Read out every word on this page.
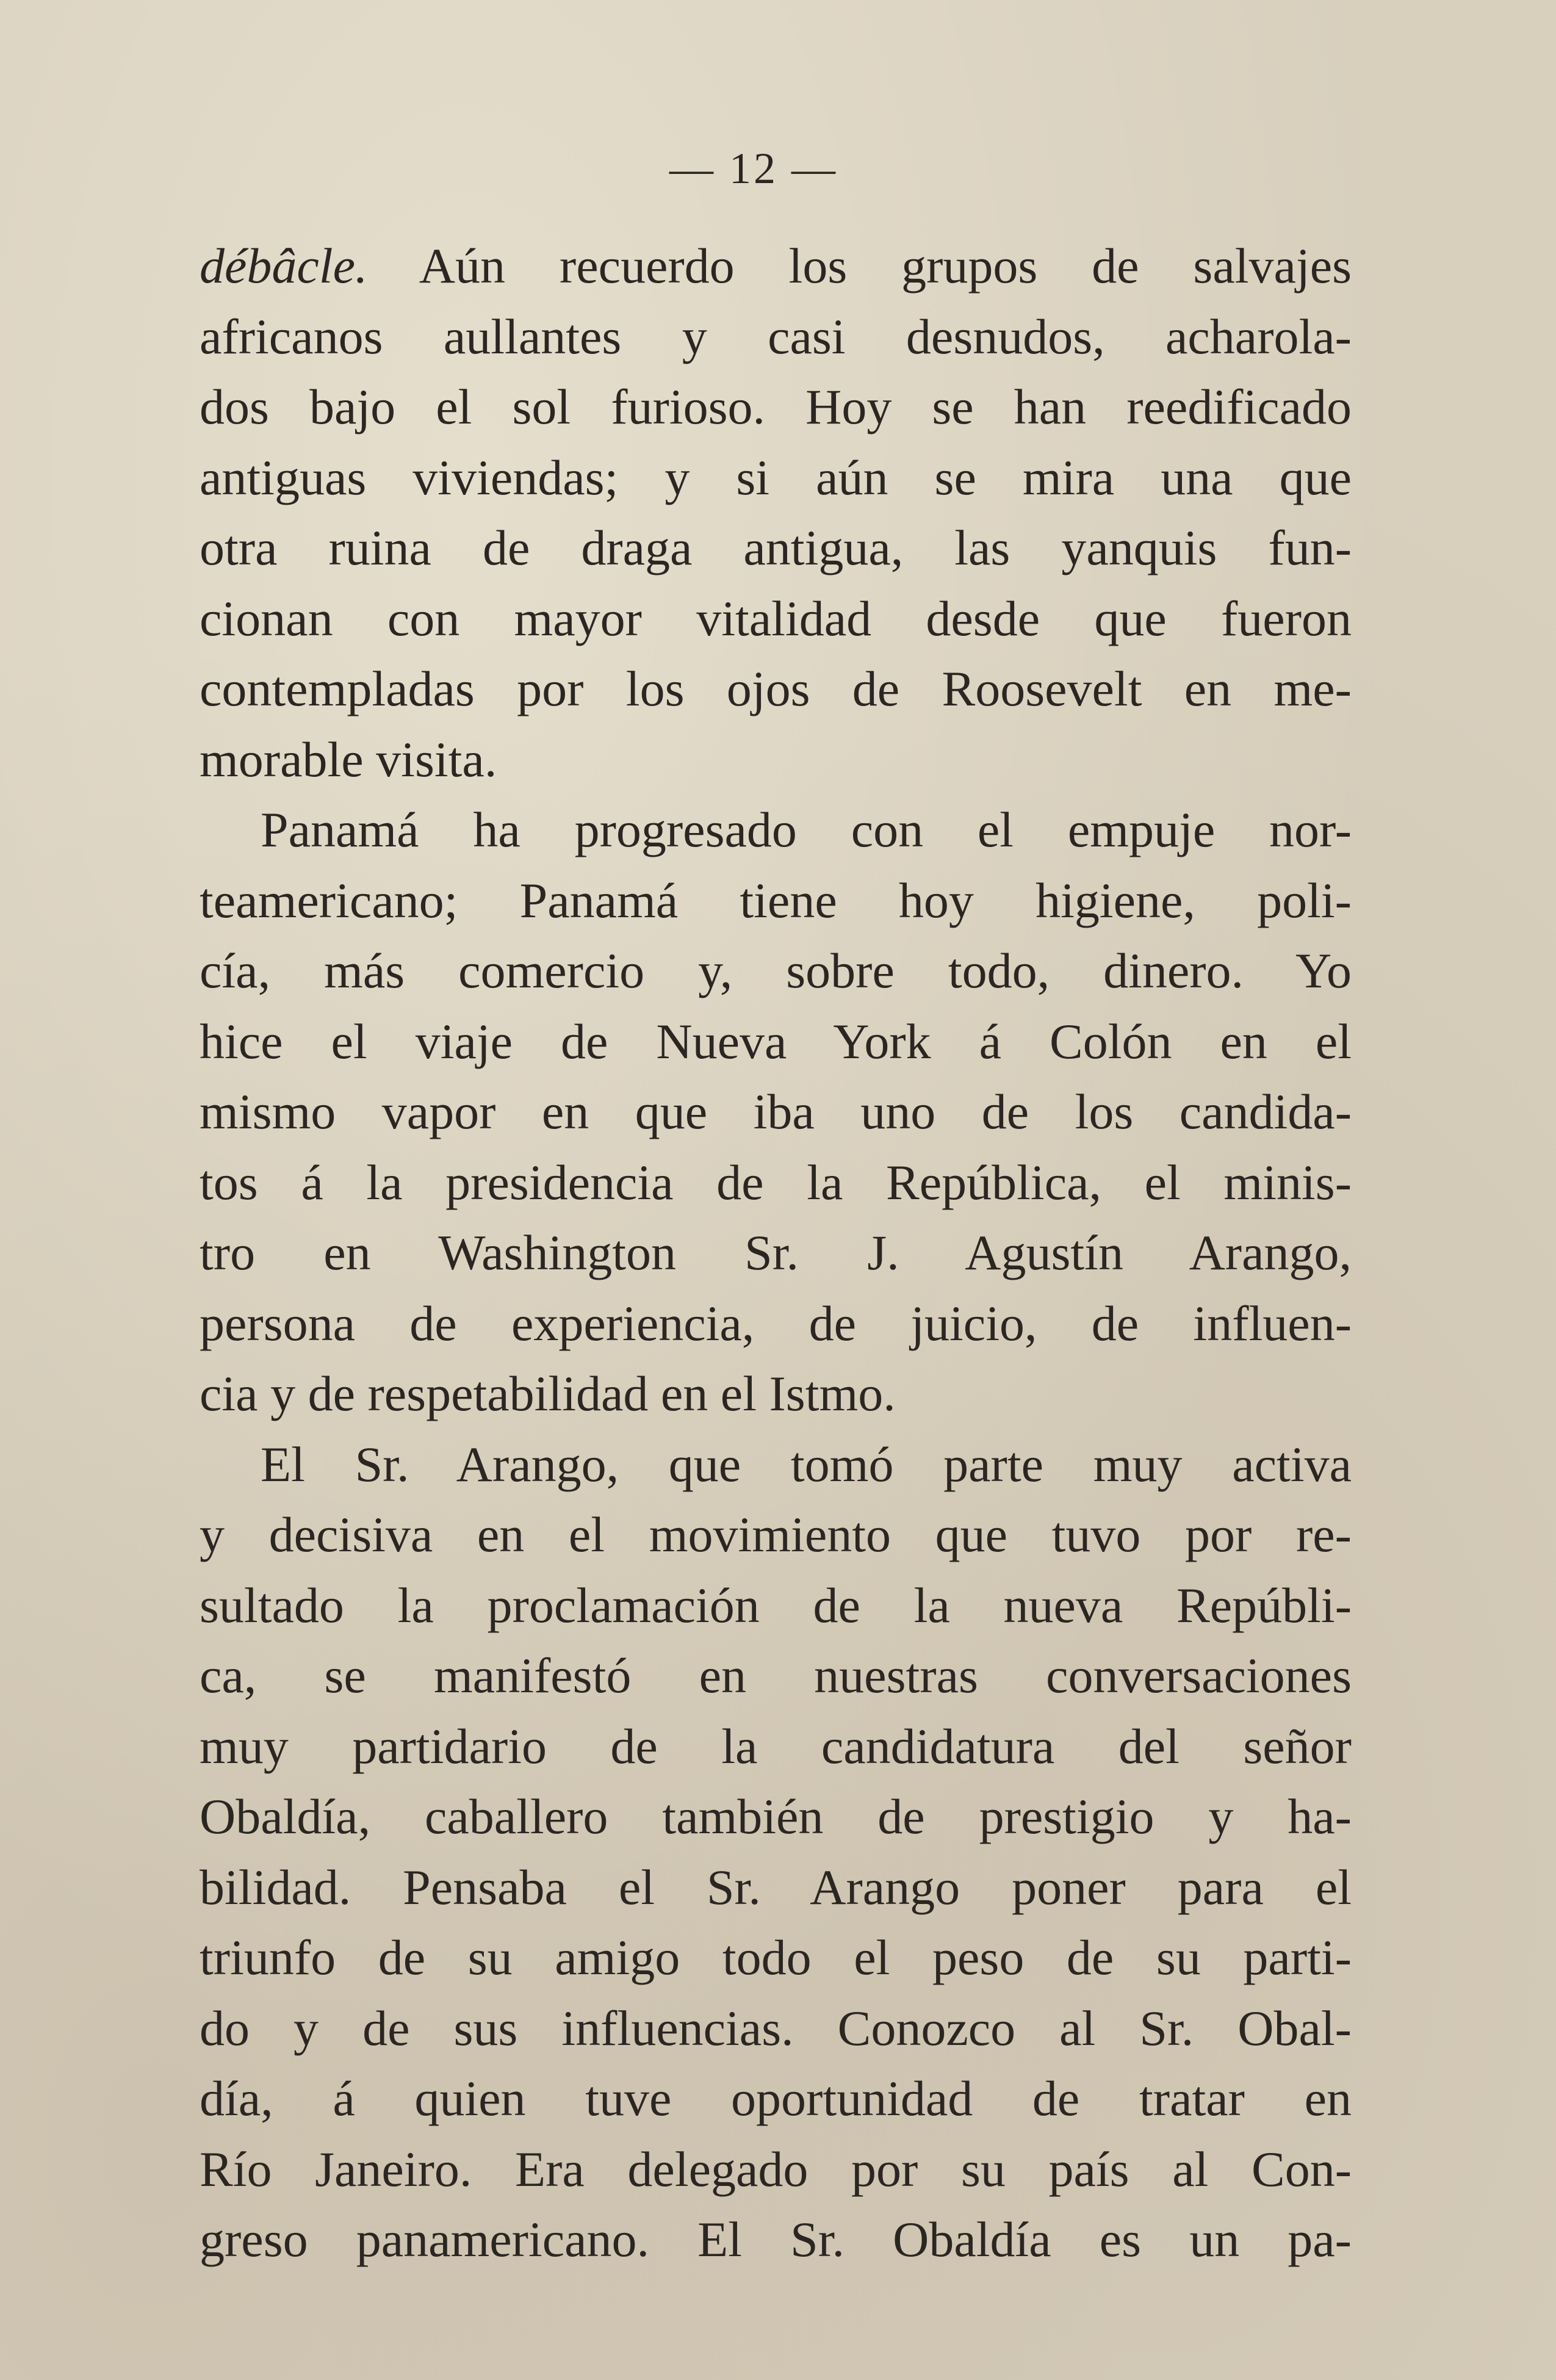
— 12 —
débâcle. Aún recuerdo los grupos de salvajes
africanos aullantes y casi desnudos, acharola-
dos bajo el sol furioso. Hoy se han reedificado
antiguas viviendas; y si aún se mira una que
otra ruina de draga antigua, las yanquis fun-
cionan con mayor vitalidad desde que fueron
contempladas por los ojos de Roosevelt en me-
morable visita.
Panamá ha progresado con el empuje nor-
teamericano; Panamá tiene hoy higiene, poli-
cía, más comercio y, sobre todo, dinero. Yo
hice el viaje de Nueva York á Colón en el
mismo vapor en que iba uno de los candida-
tos á la presidencia de la República, el minis-
tro en Washington Sr. J. Agustín Arango,
persona de experiencia, de juicio, de influen-
cia y de respetabilidad en el Istmo.
El Sr. Arango, que tomó parte muy activa
y decisiva en el movimiento que tuvo por re-
sultado la proclamación de la nueva Repúbli-
ca, se manifestó en nuestras conversaciones
muy partidario de la candidatura del señor
Obaldía, caballero también de prestigio y ha-
bilidad. Pensaba el Sr. Arango poner para el
triunfo de su amigo todo el peso de su parti-
do y de sus influencias. Conozco al Sr. Obal-
día, á quien tuve oportunidad de tratar en
Río Janeiro. Era delegado por su país al Con-
greso panamericano. El Sr. Obaldía es un pa-
